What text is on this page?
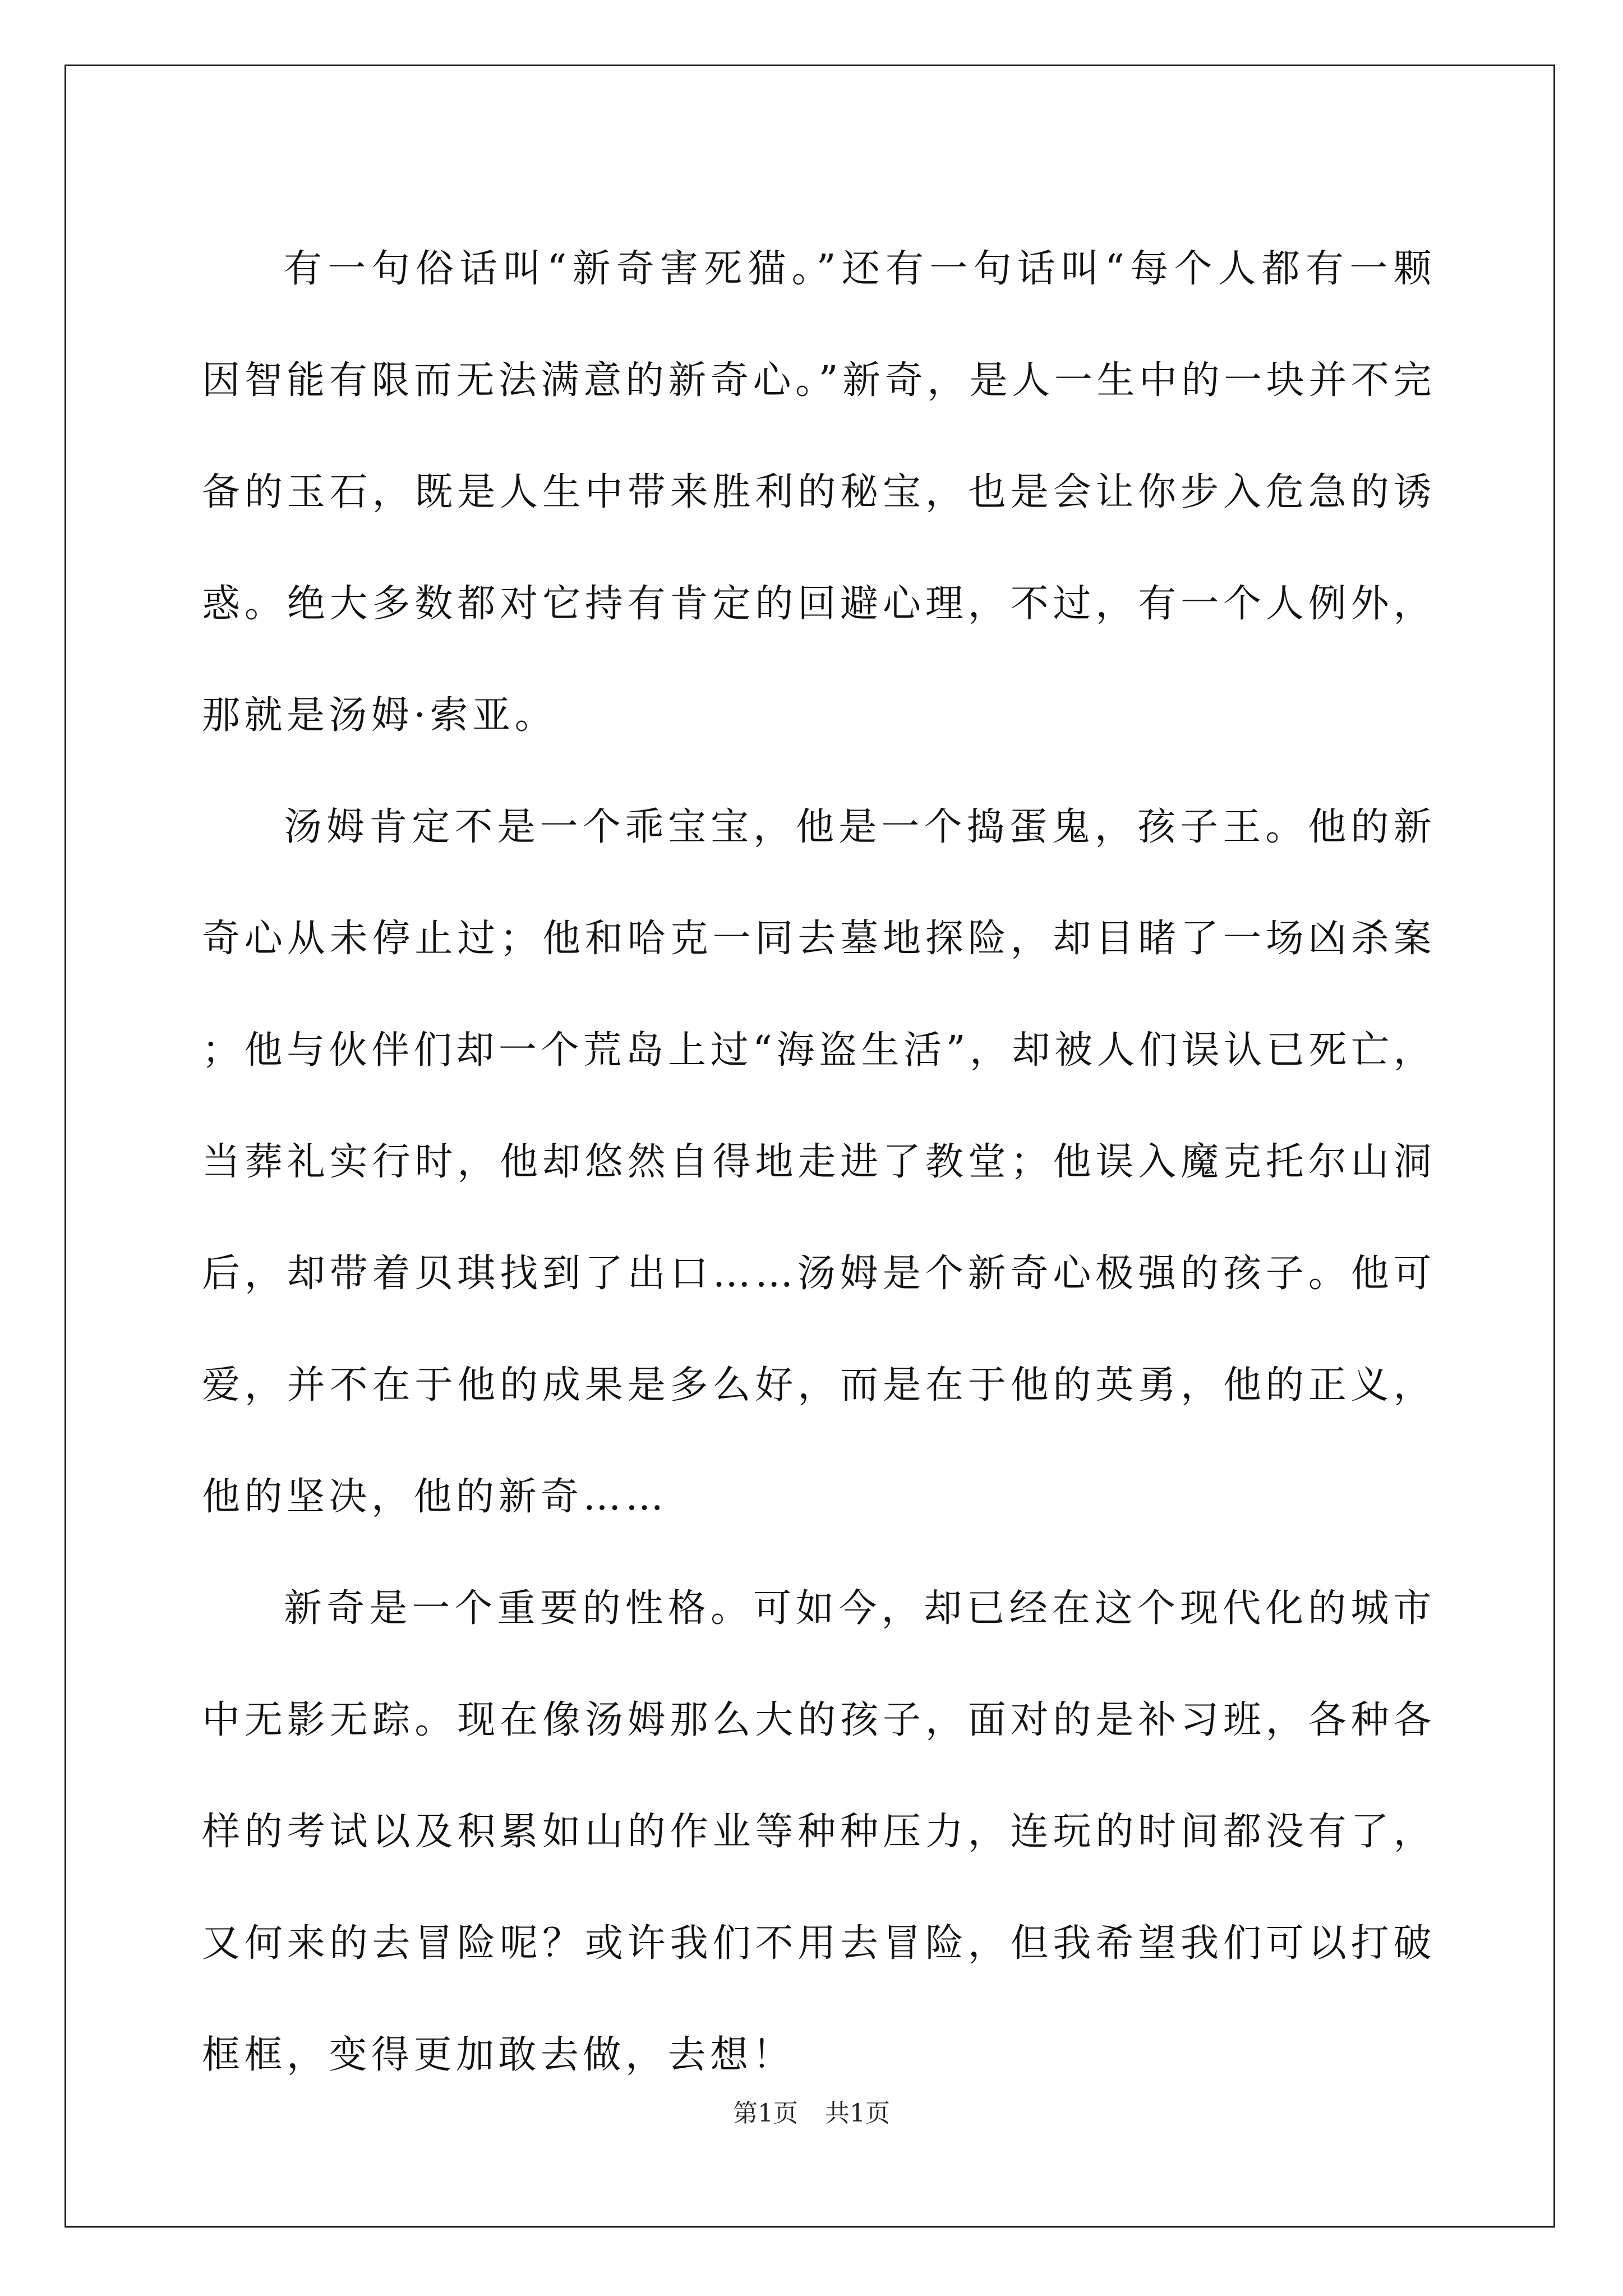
有一句俗话叫“新奇害死猫。”还有一句话叫“每个人都有一颗因智能有限而无法满意的新奇心。”新奇，是人一生中的一块并不完备的玉石，既是人生中带来胜利的秘宝，也是会让你步入危急的诱惑。绝大多数都对它持有肯定的回避心理，不过，有一个人例外，那就是汤姆·索亚。

汤姆肯定不是一个乖宝宝，他是一个捣蛋鬼，孩子王。他的新奇心从未停止过；他和哈克一同去墓地探险，却目睹了一场凶杀案；他与伙伴们却一个荒岛上过“海盗生活”，却被人们误认已死亡，当葬礼实行时，他却悠然自得地走进了教堂；他误入魔克托尔山洞后，却带着贝琪找到了出口……汤姆是个新奇心极强的孩子。他可爱，并不在于他的成果是多么好，而是在于他的英勇，他的正义，他的坚决，他的新奇……

新奇是一个重要的性格。可如今，却已经在这个现代化的城市中无影无踪。现在像汤姆那么大的孩子，面对的是补习班，各种各样的考试以及积累如山的作业等种种压力，连玩的时间都没有了，又何来的去冒险呢？或许我们不用去冒险，但我希望我们可以打破框框，变得更加敢去做，去想！

第1页 共1页
